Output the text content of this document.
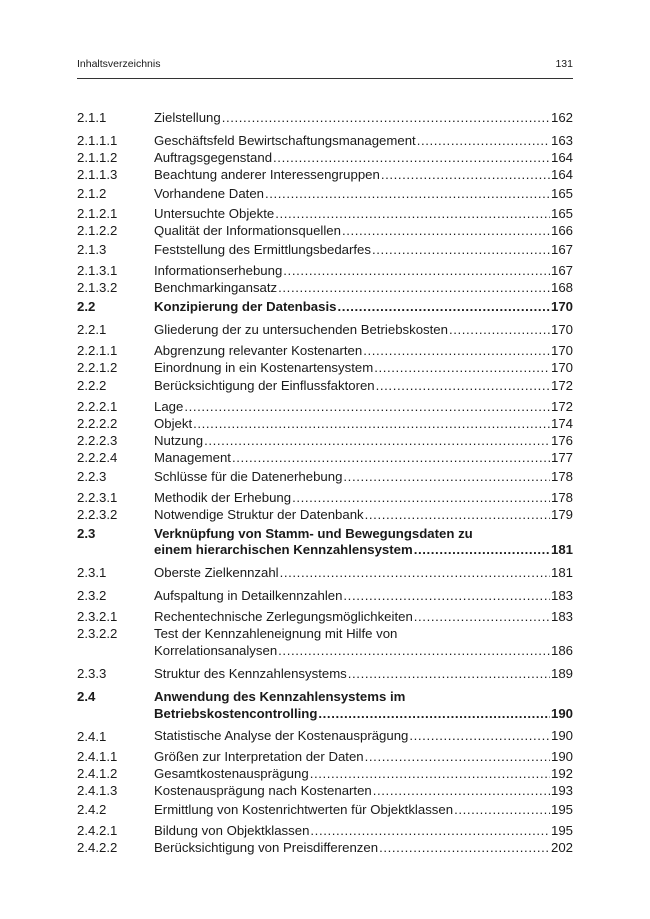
Inhaltsverzeichnis	131
2.1.1	Zielstellung .....	162
2.1.1.1	Geschäftsfeld Bewirtschaftungsmanagement .....	163
2.1.1.2	Auftragsgegenstand .....	164
2.1.1.3	Beachtung anderer Interessengruppen .....	164
2.1.2	Vorhandene Daten .....	165
2.1.2.1	Untersuchte Objekte .....	165
2.1.2.2	Qualität der Informationsquellen .....	166
2.1.3	Feststellung des Ermittlungsbedarfes .....	167
2.1.3.1	Informationserhebung .....	167
2.1.3.2	Benchmarkingansatz .....	168
2.2	Konzipierung der Datenbasis .....	170
2.2.1	Gliederung der zu untersuchenden Betriebskosten .....	170
2.2.1.1	Abgrenzung relevanter Kostenarten .....	170
2.2.1.2	Einordnung in ein Kostenartensystem .....	170
2.2.2	Berücksichtigung der Einflussfaktoren .....	172
2.2.2.1	Lage .....	172
2.2.2.2	Objekt .....	174
2.2.2.3	Nutzung .....	176
2.2.2.4	Management .....	177
2.2.3	Schlüsse für die Datenerhebung .....	178
2.2.3.1	Methodik der Erhebung .....	178
2.2.3.2	Notwendige Struktur der Datenbank .....	179
2.3	Verknüpfung von Stamm- und Bewegungsdaten zu
einem hierarchischen Kennzahlensystem .....	181
2.3.1	Oberste Zielkennzahl .....	181
2.3.2	Aufspaltung in Detailkennzahlen .....	183
2.3.2.1	Rechentechnische Zerlegungsmöglichkeiten .....	183
2.3.2.2	Test der Kennzahleneignung mit Hilfe von
Korrelationsanalysen .....	186
2.3.3	Struktur des Kennzahlensystems .....	189
2.4	Anwendung des Kennzahlensystems im
Betriebskostencontrolling .....	190
2.4.1	Statistische Analyse der Kostenausprägung .....	190
2.4.1.1	Größen zur Interpretation der Daten .....	190
2.4.1.2	Gesamtkostenausprägung .....	192
2.4.1.3	Kostenausprägung nach Kostenarten .....	193
2.4.2	Ermittlung von Kostenrichtwerten für Objektklassen .....	195
2.4.2.1	Bildung von Objektklassen .....	195
2.4.2.2	Berücksichtigung von Preisdifferenzen .....	202
